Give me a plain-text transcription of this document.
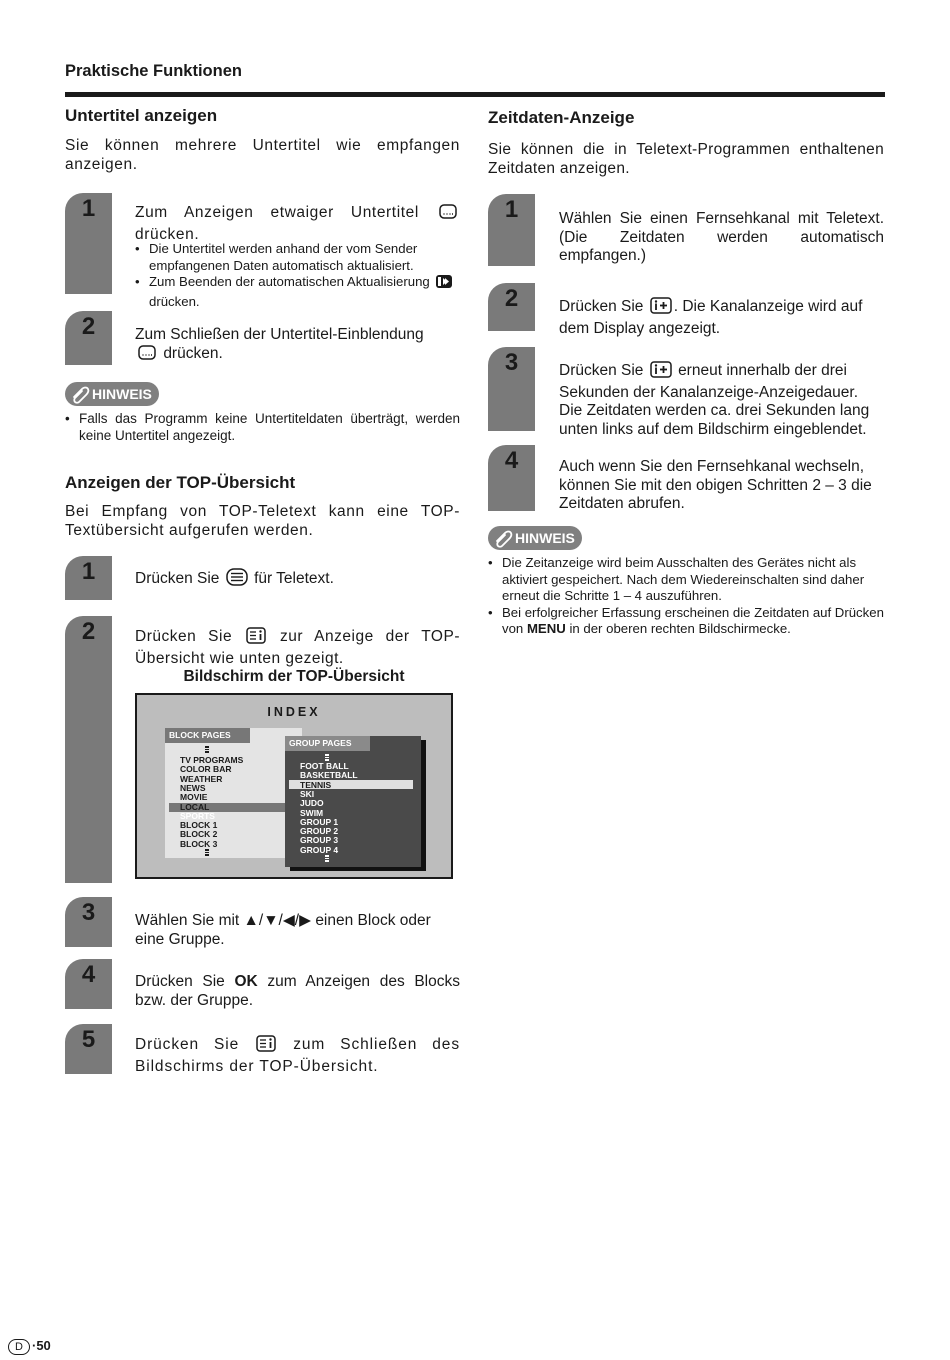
Praktische Funktionen
Untertitel anzeigen

Sie können mehrere Untertitel wie empfangen anzeigen.

1	Zum Anzeigen etwaiger Untertitel  drücken.

• Die Untertitel werden anhand der vom Sender empfangenen Daten automatisch aktualisiert.
• Zum Beenden der automatischen Aktualisierung  drücken.
2	Zum Schließen der Untertitel-Einblendung
drücken.

HINWEIS
• Falls das Programm keine Untertiteldaten überträgt, werden keine Untertitel angezeigt.
Anzeigen der TOP-Übersicht

Bei Empfang von TOP-Teletext kann eine TOP-Textübersicht aufgerufen werden.

1	Drücken Sie für Teletext.

2	Drücken Sie	zur Anzeige der TOP-Übersicht wie unten gezeigt.

Bildschirm der TOP-Übersicht
INDEX
BLOCK PAGES
TV PROGRAMS
COLOR BAR
WEATHER
NEWS
MOVIE
LOCAL
SPORTS
BLOCK 1
BLOCK 2
BLOCK 3
GROUP PAGES
FOOT BALL
BASKETBALL
TENNIS
SKI
JUDO
SWIM
GROUP 1
GROUP 2
GROUP 3
GROUP 4
3	Wählen Sie mit ▲/▼/◀/▶ einen Block oder eine Gruppe.

4	Drücken Sie OK zum Anzeigen des Blocks bzw. der Gruppe.

5	Drücken Sie	zum Schließen des Bildschirms der TOP-Übersicht.

Zeitdaten-Anzeige

Sie können die in Teletext-Programmen enthaltenen Zeitdaten anzeigen.

1	Wählen Sie einen Fernsehkanal mit Teletext. (Die Zeitdaten werden automatisch empfangen.)

2	Drücken Sie . Die Kanalanzeige wird auf dem Display angezeigt.

3	Drücken Sie erneut innerhalb der drei Sekunden der Kanalanzeige-Anzeigedauer. Die Zeitdaten werden ca. drei Sekunden lang unten links auf dem Bildschirm eingeblendet.

4	Auch wenn Sie den Fernsehkanal wechseln, können Sie mit den obigen Schritten 2 – 3 die Zeitdaten abrufen.

HINWEIS
• Die Zeitanzeige wird beim Ausschalten des Gerätes nicht als aktiviert gespeichert. Nach dem Wiedereinschalten sind daher erneut die Schritte 1 – 4 auszuführen.
• Bei erfolgreicher Erfassung erscheinen die Zeitdaten auf Drücken von MENU in der oberen rechten Bildschirmecke.
D ·50
